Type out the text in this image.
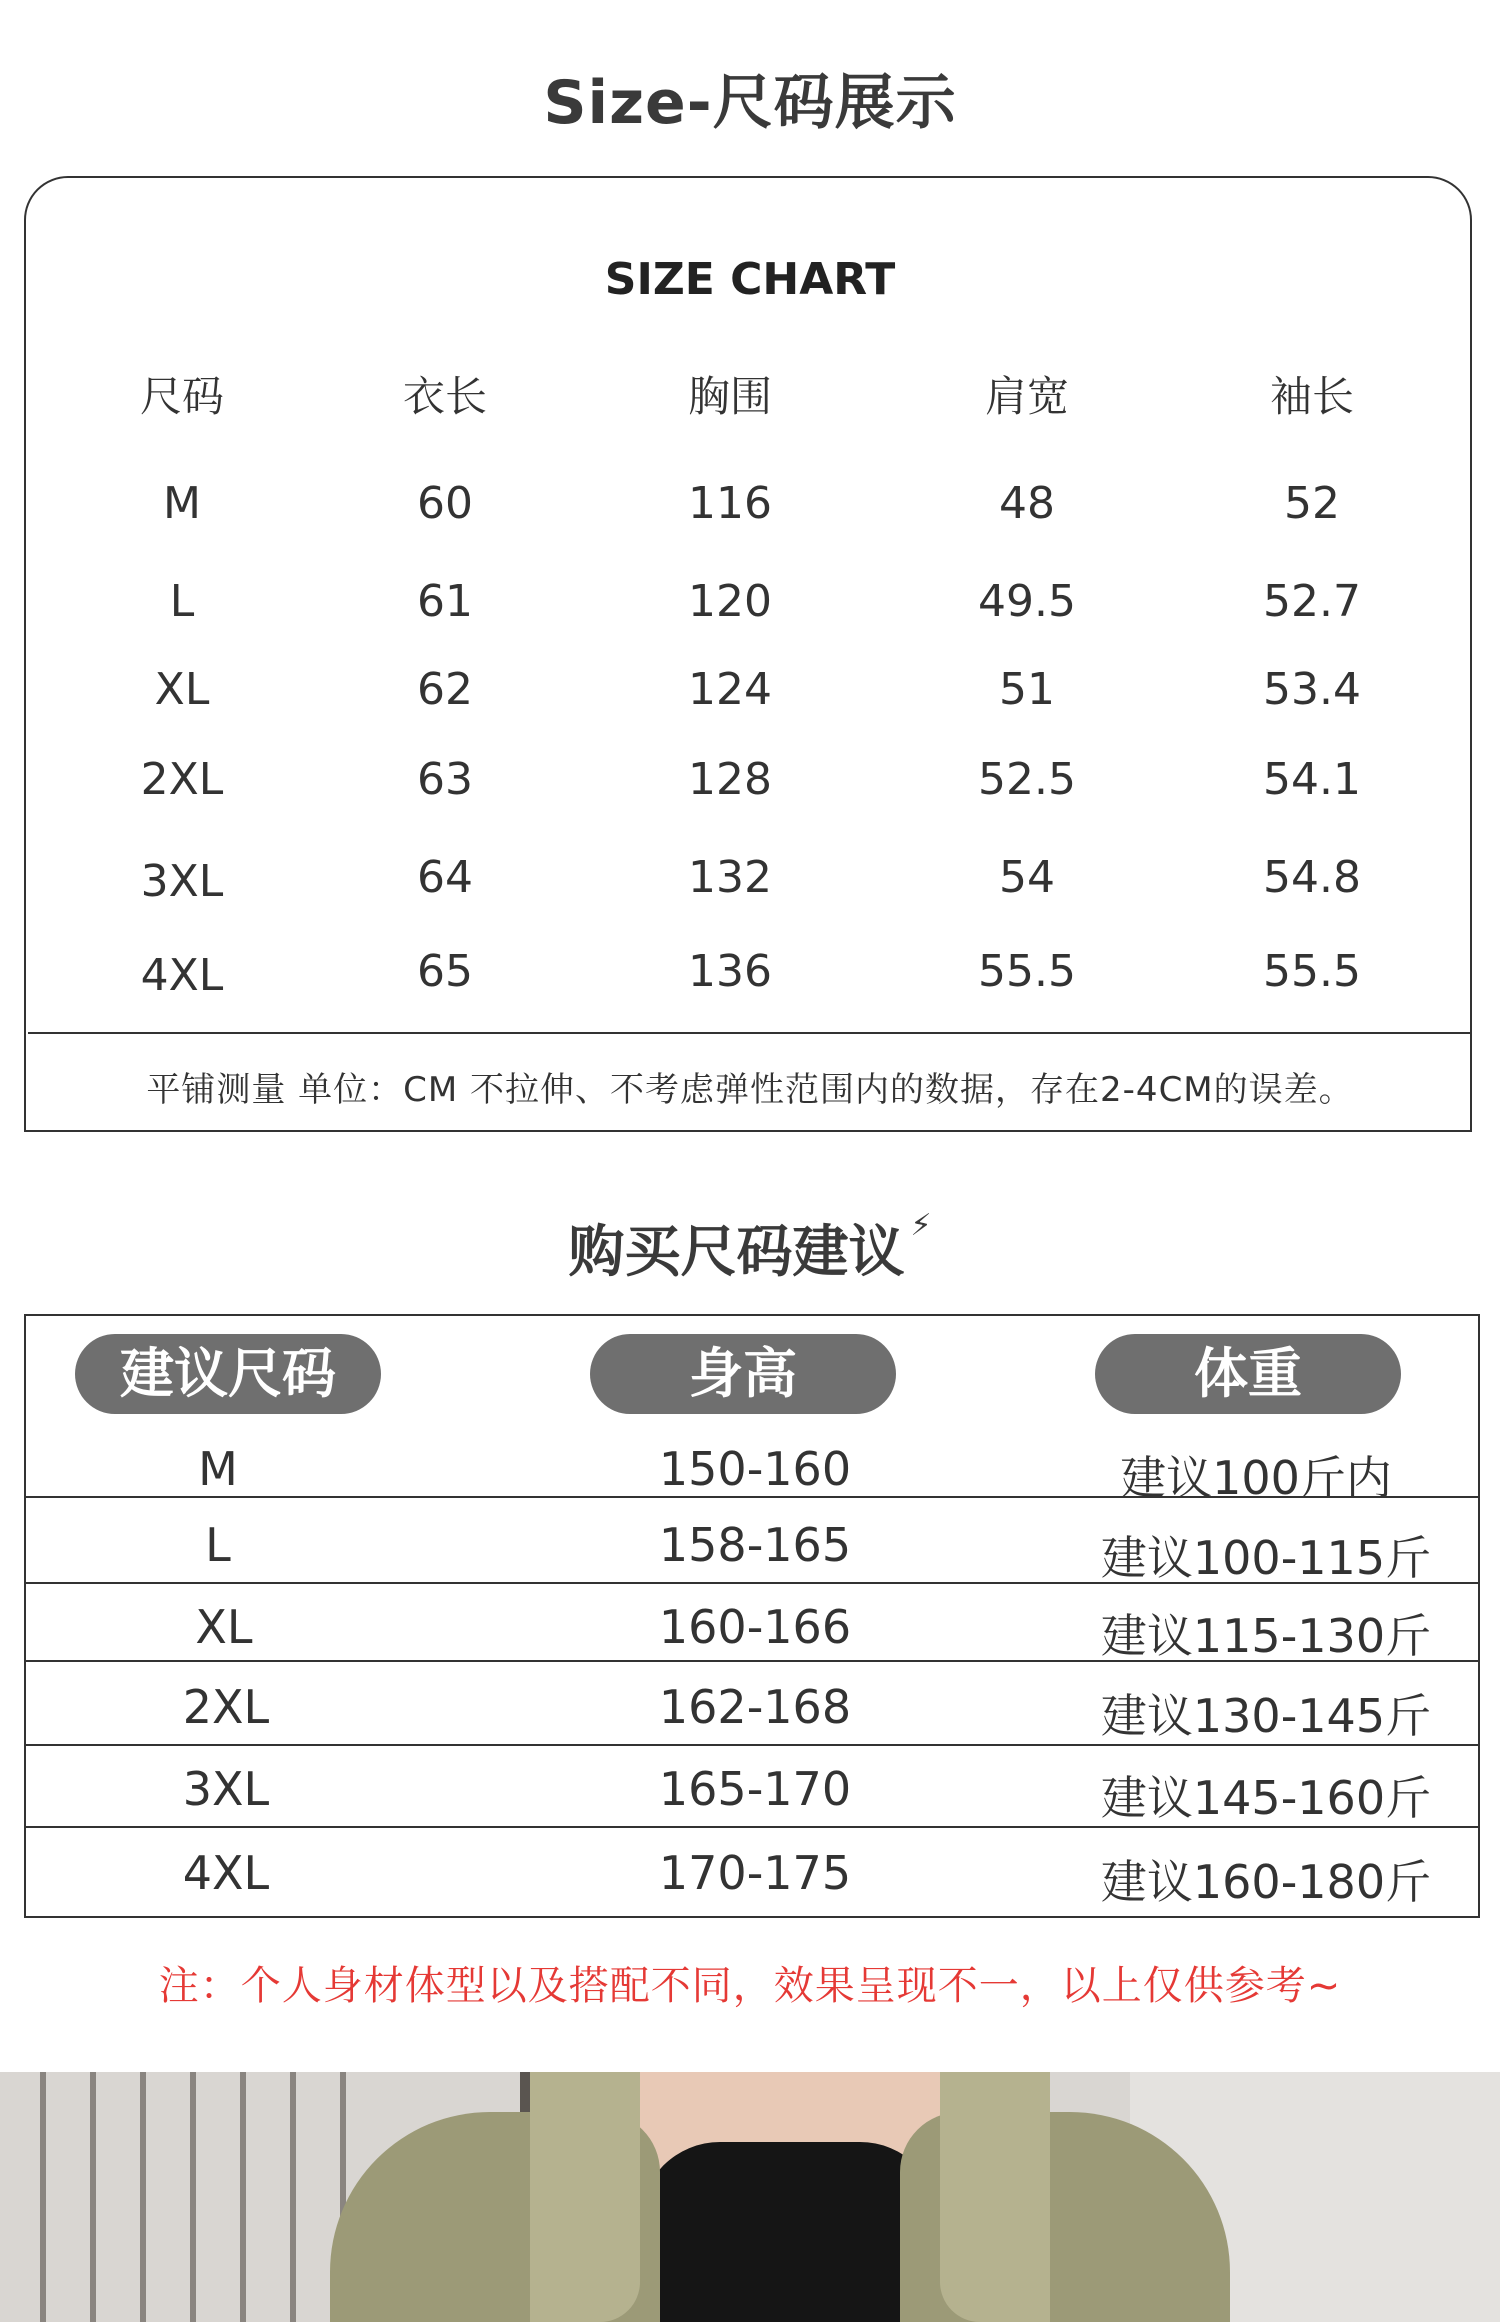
Size-尺码展示
SIZE CHART
尺码	衣长	胸围	肩宽	袖长
M	60	116	48	52
L	61	120	49.5	52.7
XL	62	124	51	53.4
2XL	63	128	52.5	54.1
3XL	64	132	54	54.8
4XL	65	136	55.5	55.5
平铺测量 单位：CM 不拉伸、不考虑弹性范围内的数据，存在2-4CM的误差。
购买尺码建议 ⚡
建议尺码	身高	体重
M	150-160	建议100斤内
L	158-165	建议100-115斤
XL	160-166	建议115-130斤
2XL	162-168	建议130-145斤
3XL	165-170	建议145-160斤
4XL	170-175	建议160-180斤
注：个人身材体型以及搭配不同，效果呈现不一，以上仅供参考~
